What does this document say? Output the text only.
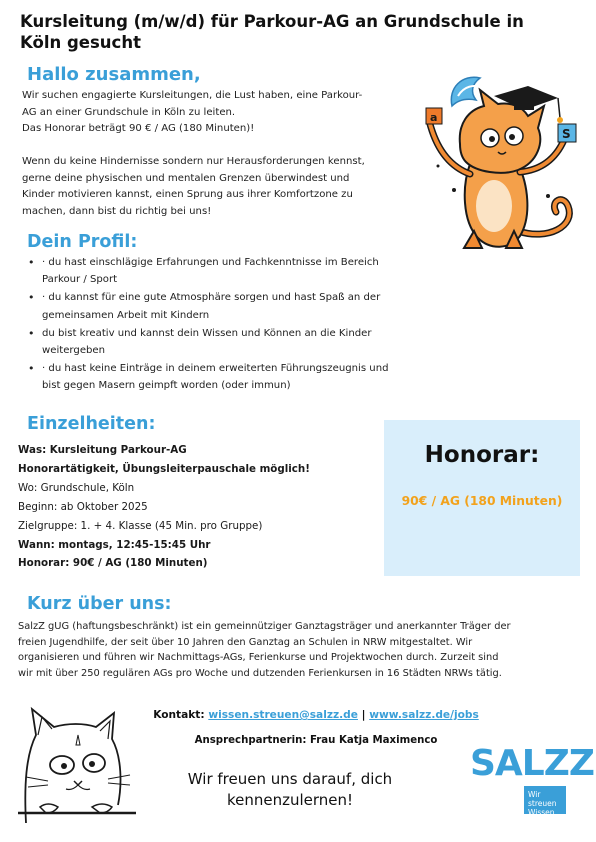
Kursleitung (m/w/d) für Parkour-AG an Grundschule in Köln gesucht
Hallo zusammen,
Wir suchen engagierte Kursleitungen, die Lust haben, eine Parkour-
AG an einer Grundschule in Köln zu leiten.
Das Honorar beträgt 90 € / AG (180 Minuten)!
Wenn du keine Hindernisse sondern nur Herausforderungen kennst,
gerne deine physischen und mentalen Grenzen überwindest und
Kinder motivieren kannst, einen Sprung aus ihrer Komfortzone zu
machen, dann bist du richtig bei uns!
Dein Profil:
• · du hast einschlägige Erfahrungen und Fachkenntnisse im Bereich Parkour / Sport
• · du kannst für eine gute Atmosphäre sorgen und hast Spaß an der gemeinsamen Arbeit mit Kindern
• du bist kreativ und kannst dein Wissen und Können an die Kinder weitergeben
• · du hast keine Einträge in deinem erweiterten Führungszeugnis und bist gegen Masern geimpft worden (oder immun)
Einzelheiten:
Was: Kursleitung Parkour-AG
Honorartätigkeit, Übungsleiterpauschale möglich!
Wo: Grundschule, Köln
Beginn: ab Oktober 2025
Zielgruppe: 1. + 4. Klasse (45 Min. pro Gruppe)
Wann: montags, 12:45-15:45 Uhr
Honorar: 90€ / AG (180 Minuten)
Honorar:
90€ / AG (180 Minuten)
Kurz über uns:
SalzZ gUG (haftungsbeschränkt) ist ein gemeinnütziger Ganztagsträger und anerkannter Träger der
freien Jugendhilfe, der seit über 10 Jahren den Ganztag an Schulen in NRW mitgestaltet. Wir
organisieren und führen wir Nachmittags-AGs, Ferienkurse und Projektwochen durch. Zurzeit sind
wir mit über 250 regulären AGs pro Woche und dutzenden Ferienkursen in 16 Städten NRWs tätig.
Kontakt: wissen.streuen@salzz.de | www.salzz.de/jobs
Ansprechpartnerin: Frau Katja Maximenco
Wir freuen uns darauf, dich
kennenzulernen!
a
S
SALZZ
Wir streuen
Wissen
